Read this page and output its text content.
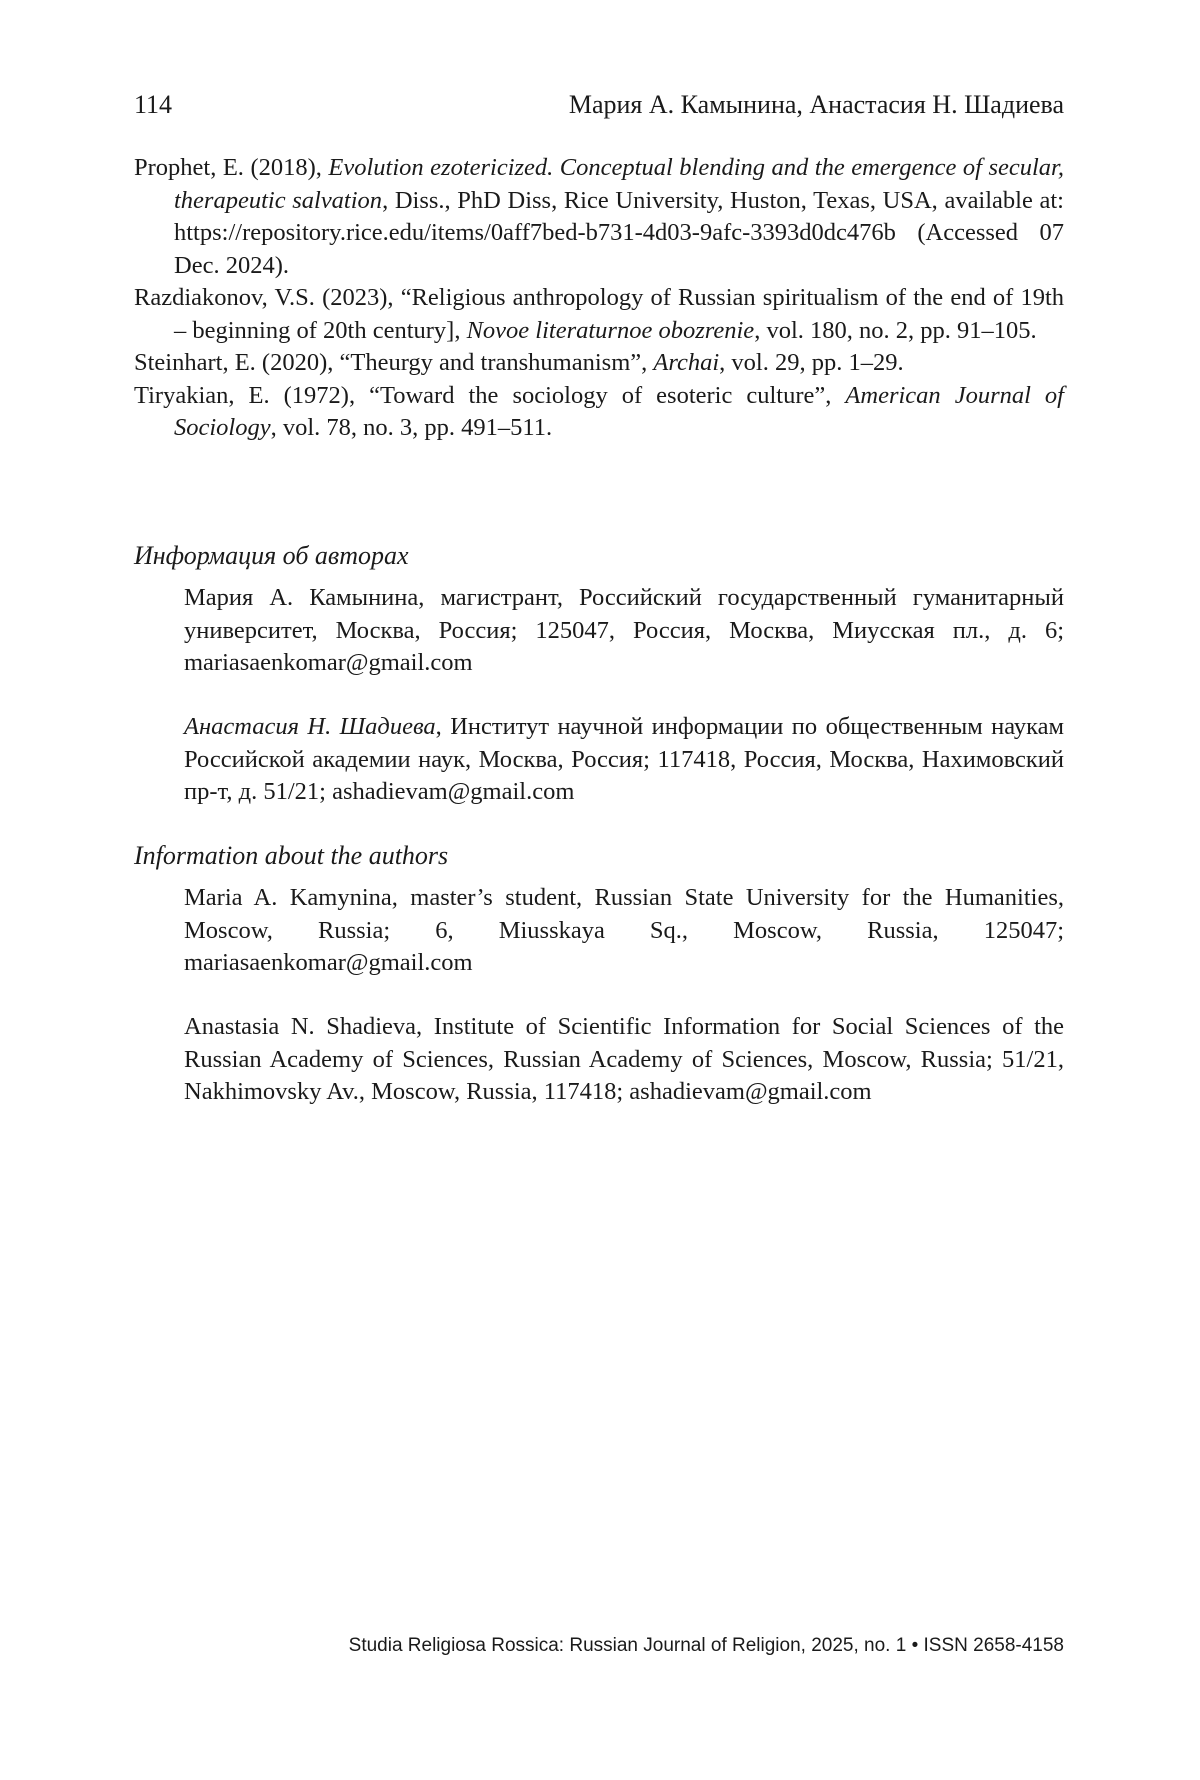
114	Мария А. Камынина, Анастасия Н. Шадиева

Prophet, E. (2018), Evolution ezotericized. Conceptual blending and the emergence of secular, therapeutic salvation, Diss., PhD Diss, Rice University, Huston, Texas, USA, available at: https://repository.rice.edu/items/0aff7bed-b731-4d03-9afc-3393d0dc476b (Accessed 07 Dec. 2024).

Razdiakonov, V.S. (2023), “Religious anthropology of Russian spiritualism of the end of 19th – beginning of 20th century], Novoe literaturnoe obozrenie, vol. 180, no. 2, pp. 91–105.

Steinhart, E. (2020), “Theurgy and transhumanism”, Archai, vol. 29, pp. 1–29.

Tiryakian, E. (1972), “Toward the sociology of esoteric culture”, American Journal of Sociology, vol. 78, no. 3, pp. 491–511.

Информация об авторах

Мария А. Камынина, магистрант, Российский государственный гуманитарный университет, Москва, Россия; 125047, Россия, Москва, Миусская пл., д. 6; mariasaenkomar@gmail.com

Анастасия Н. Шадиева, Институт научной информации по общественным наукам Российской академии наук, Москва, Россия; 117418, Россия, Москва, Нахимовский пр-т, д. 51/21; ashadievam@gmail.com

Information about the authors

Maria A. Kamynina, master’s student, Russian State University for the Humanities, Moscow, Russia; 6, Miusskaya Sq., Moscow, Russia, 125047; mariasaenkomar@gmail.com

Anastasia N. Shadieva, Institute of Scientific Information for Social Sciences of the Russian Academy of Sciences, Russian Academy of Sciences, Moscow, Russia; 51/21, Nakhimovsky Av., Moscow, Russia, 117418; ashadievam@gmail.com

Studia Religiosa Rossica: Russian Journal of Religion, 2025, no. 1 • ISSN 2658-4158
